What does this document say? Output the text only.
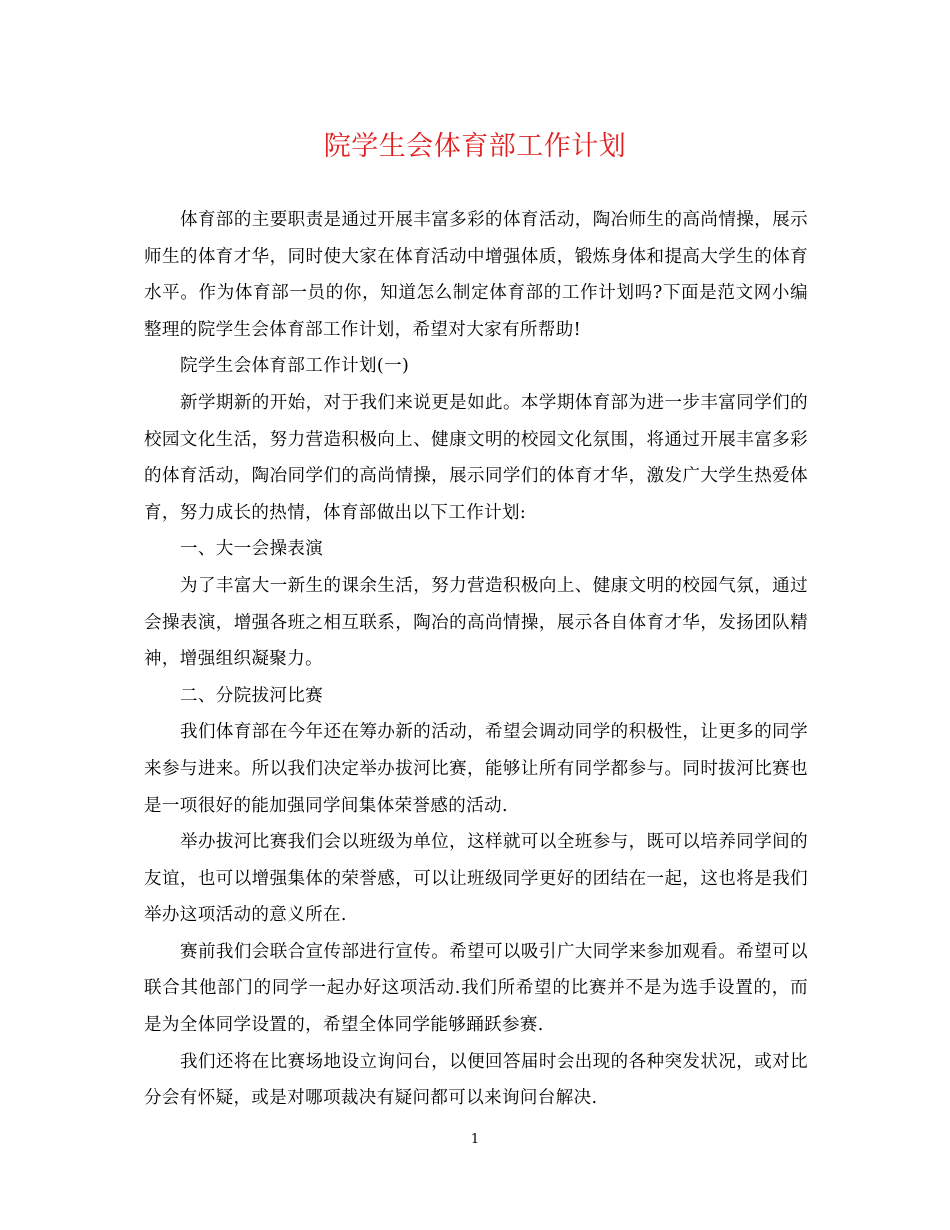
院学生会体育部工作计划

体育部的主要职责是通过开展丰富多彩的体育活动，陶冶师生的高尚情操，展示师生的体育才华，同时使大家在体育活动中增强体质，锻炼身体和提高大学生的体育水平。作为体育部一员的你，知道怎么制定体育部的工作计划吗?下面是范文网小编整理的院学生会体育部工作计划，希望对大家有所帮助!

院学生会体育部工作计划(一)

新学期新的开始，对于我们来说更是如此。本学期体育部为进一步丰富同学们的校园文化生活，努力营造积极向上、健康文明的校园文化氛围，将通过开展丰富多彩的体育活动，陶冶同学们的高尚情操，展示同学们的体育才华，激发广大学生热爱体育，努力成长的热情，体育部做出以下工作计划:

一、大一会操表演

为了丰富大一新生的课余生活，努力营造积极向上、健康文明的校园气氛，通过会操表演，增强各班之相互联系，陶冶的高尚情操，展示各自体育才华，发扬团队精神，增强组织凝聚力。

二、分院拔河比赛

我们体育部在今年还在筹办新的活动，希望会调动同学的积极性，让更多的同学来参与进来。所以我们决定举办拔河比赛，能够让所有同学都参与。同时拔河比赛也是一项很好的能加强同学间集体荣誉感的活动.

举办拔河比赛我们会以班级为单位，这样就可以全班参与，既可以培养同学间的友谊，也可以增强集体的荣誉感，可以让班级同学更好的团结在一起，这也将是我们举办这项活动的意义所在.

赛前我们会联合宣传部进行宣传。希望可以吸引广大同学来参加观看。希望可以联合其他部门的同学一起办好这项活动.我们所希望的比赛并不是为选手设置的，而是为全体同学设置的，希望全体同学能够踊跃参赛.

我们还将在比赛场地设立询问台，以便回答届时会出现的各种突发状况，或对比分会有怀疑，或是对哪项裁决有疑问都可以来询问台解决.

1
